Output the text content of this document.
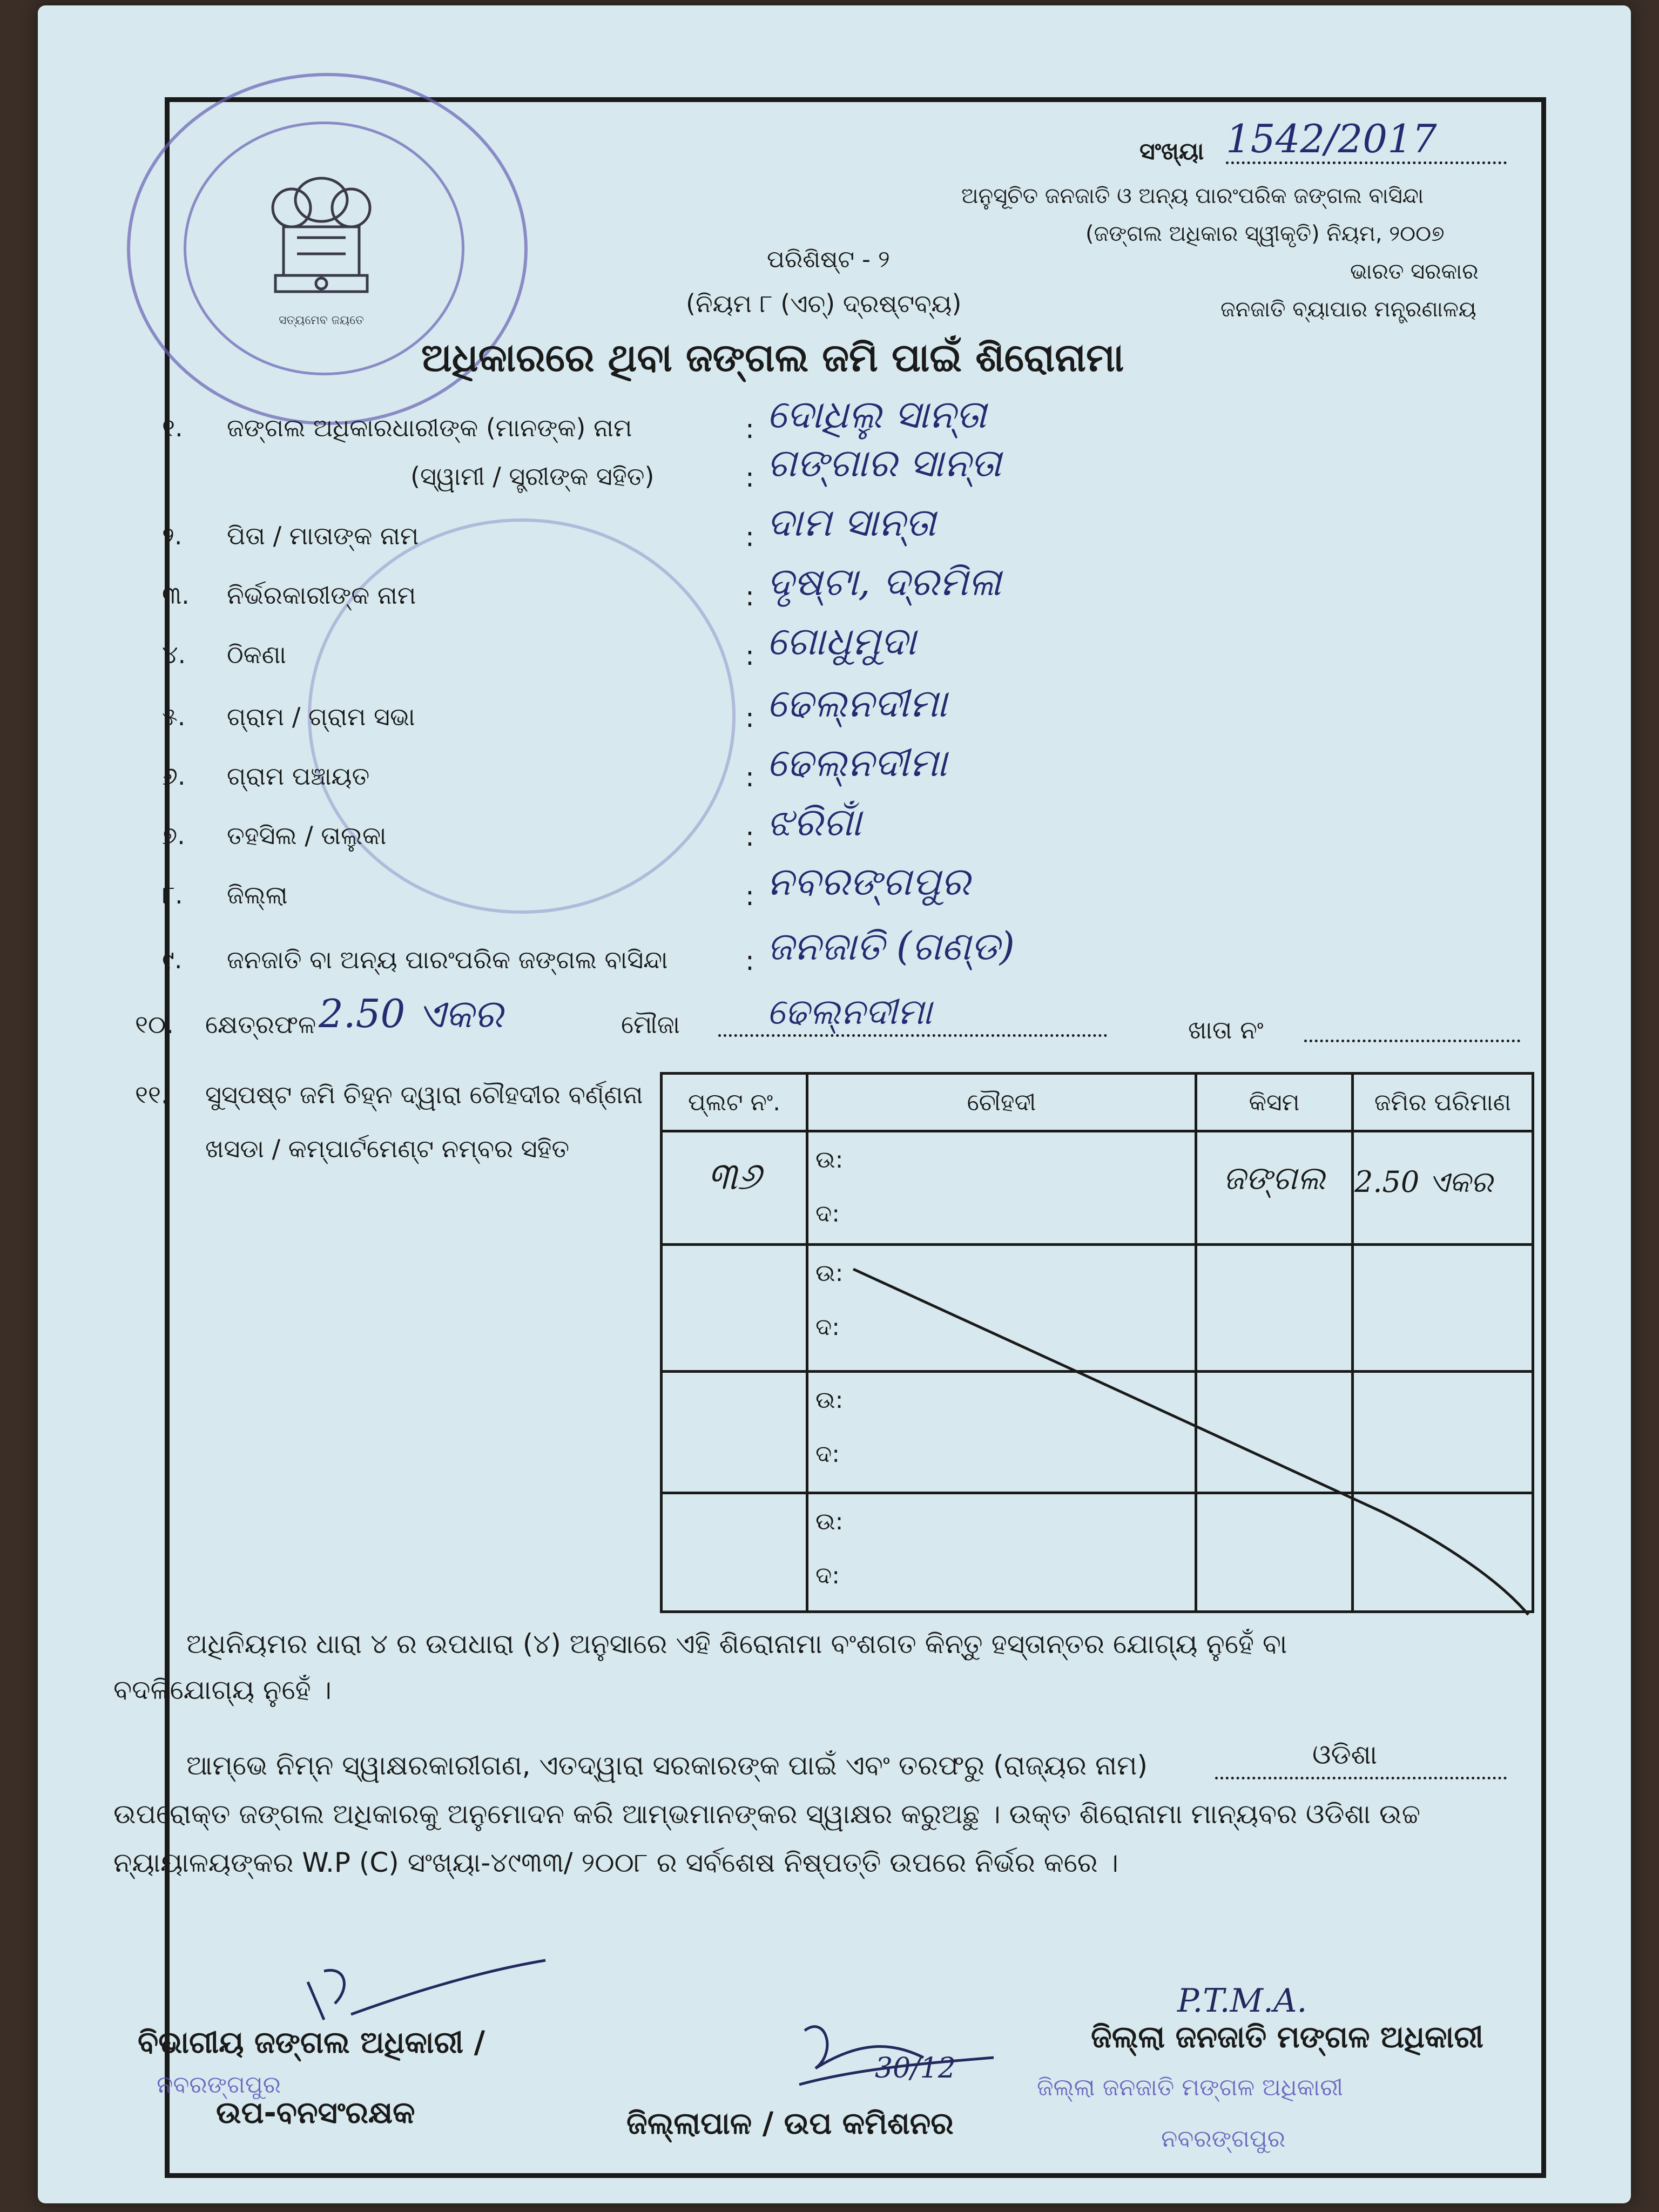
ସତ୍ୟମେବ ଜୟତେ
ସଂଖ୍ୟା 1542/2017
ଅନୁସୂଚିତ ଜନଜାତି ଓ ଅନ୍ୟ ପାରଂପରିକ ଜଙ୍ଗଲ ବାସିନ୍ଦା
(ଜଙ୍ଗଲ ଅଧିକାର ସ୍ୱୀକୃତି) ନିୟମ, ୨୦୦୭
ଭାରତ ସରକାର
ଜନଜାତି ବ୍ୟାପାର ମନ୍ତ୍ରଣାଳୟ
ପରିଶିଷ୍ଟ - ୨
(ନିୟମ ୮ (ଏଚ୍) ଦ୍ରଷ୍ଟବ୍ୟ)
ଅଧିକାରରେ ଥିବା ଜଙ୍ଗଲ ଜମି ପାଇଁ ଶିରୋନାମା
୧. ଜଙ୍ଗଲ ଅଧିକାରଧାରୀଙ୍କ (ମାନଙ୍କ) ନାମ	: ଦୋଧିଲୁ ସାନ୍ତା
(ସ୍ୱାମୀ / ସ୍ତ୍ରୀଙ୍କ ସହିତ)	: ଗଙ୍ଗାର ସାନ୍ତା
୨. ପିତା / ମାତାଙ୍କ ନାମ	: ଦାମ ସାନ୍ତା
୩. ନିର୍ଭରକାରୀଙ୍କ ନାମ	: ଦୃଷ୍ଟା, ଦ୍ରମିଳା
୪. ଠିକଣା	: ଗୋଧୁମୁଦା
୫. ଗ୍ରାମ / ଗ୍ରାମ ସଭା	: ଢେଲ୍ନଦୀମା
୬. ଗ୍ରାମ ପଞ୍ଚାୟତ	: ଢେଲ୍ନଦୀମା
୭. ତହସିଲ / ତାଲୁକା	: ଝରିଗାଁ
୮. ଜିଲ୍ଲା	: ନବରଙ୍ଗପୁର
୯. ଜନଜାତି ବା ଅନ୍ୟ ପାରଂପରିକ ଜଙ୍ଗଲ ବାସିନ୍ଦା	: ଜନଜାତି (ଗଣ୍ଡ)
୧୦. କ୍ଷେତ୍ରଫଳ 2.50 ଏକର	ମୌଜା ଢେଲ୍ନଦୀମା	ଖାତା ନଂ
୧୧. ସୁସ୍ପଷ୍ଟ ଜମି ଚିହ୍ନ ଦ୍ୱାରା ଚୌହଦୀର ବର୍ଣ୍ଣନା
ଖସଡା / କମ୍ପାର୍ଟମେଣ୍ଟ ନମ୍ବର ସହିତ
ପ୍ଲଟ ନଂ.	ଚୌହଦୀ	କିସମ	ଜମିର ପରିମାଣ
୩୬	ଉ:
ଦ:	ଜଙ୍ଗଲ	2.50 ଏକର

	ଉ:
ଦ:		

	ଉ:
ଦ:		

	ଉ:
ଦ:		

ଅଧିନିୟମର ଧାରା ୪ ର ଉପଧାରା (୪) ଅନୁସାରେ ଏହି ଶିରୋନାମା ବଂଶଗତ କିନ୍ତୁ ହସ୍ତାନ୍ତର ଯୋଗ୍ୟ ନୁହେଁ ବା
ବଦଳିଯୋଗ୍ୟ ନୁହେଁ ।
ଆମ୍ଭେ ନିମ୍ନ ସ୍ୱାକ୍ଷରକାରୀଗଣ, ଏତଦ୍ୱାରା ସରକାରଙ୍କ ପାଇଁ ଏବଂ ତରଫରୁ (ରାଜ୍ୟର ନାମ)	ଓଡିଶା
ଉପରୋକ୍ତ ଜଙ୍ଗଲ ଅଧିକାରକୁ ଅନୁମୋଦନ କରି ଆମ୍ଭମାନଙ୍କର ସ୍ୱାକ୍ଷର କରୁଅଛୁ । ଉକ୍ତ ଶିରୋନାମା ମାନ୍ୟବର ଓଡିଶା ଉଚ୍ଚ
ନ୍ୟାୟାଳୟଙ୍କର W.P (C) ସଂଖ୍ୟା-୪୯୩୩/ ୨୦୦୮ ର ସର୍ବଶେଷ ନିଷ୍ପତ୍ତି ଉପରେ ନିର୍ଭର କରେ ।
ବିଭାଗୀୟ ଜଙ୍ଗଲ ଅଧିକାରୀ /
ନବରଙ୍ଗପୁର
ଉପ-ବନସଂରକ୍ଷକ
30/12
ଜିଲ୍ଲାପାଳ / ଉପ କମିଶନର
P.T.M.A.
ଜିଲ୍ଲା ଜନଜାତି ମଙ୍ଗଳ ଅଧିକାରୀ
ଜିଲ୍ଲା ଜନଜାତି ମଙ୍ଗଳ ଅଧିକାରୀ
ନବରଙ୍ଗପୁର
